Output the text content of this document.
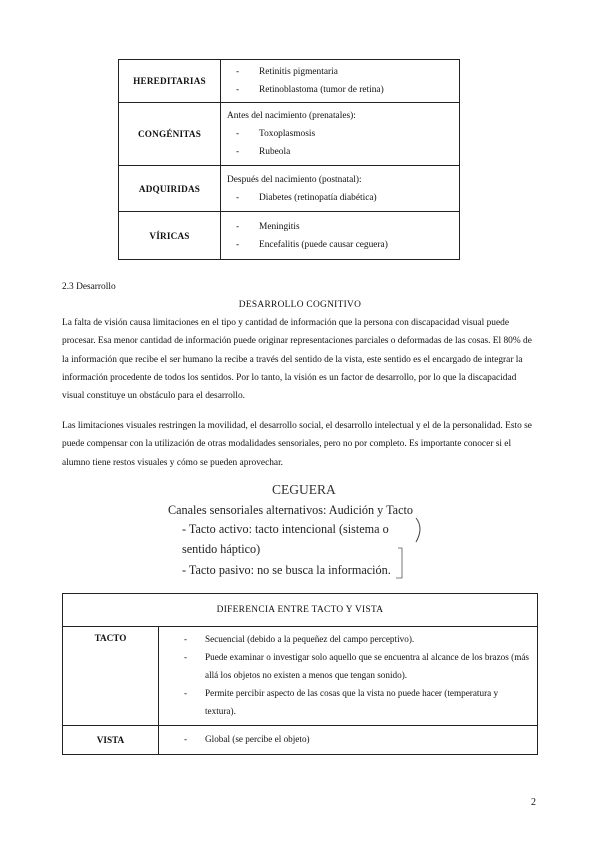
HEREDITARIAS	- Retinitis pigmentaria
- Retinoblastoma (tumor de retina)

CONGÉNITAS	Antes del nacimiento (prenatales):
- Toxoplasmosis
- Rubeola

ADQUIRIDAS	Después del nacimiento (postnatal):
- Diabetes (retinopatía diabética)

VÍRICAS	- Meningitis
- Encefalitis (puede causar ceguera)
2.3 Desarrollo
DESARROLLO COGNITIVO
La falta de visión causa limitaciones en el tipo y cantidad de información que la persona con discapacidad visual puede procesar. Esa menor cantidad de información puede originar representaciones parciales o deformadas de las cosas. El 80% de la información que recibe el ser humano la recibe a través del sentido de la vista, este sentido es el encargado de integrar la información procedente de todos los sentidos. Por lo tanto, la visión es un factor de desarrollo, por lo que la discapacidad visual constituye un obstáculo para el desarrollo.
Las limitaciones visuales restringen la movilidad, el desarrollo social, el desarrollo intelectual y el de la personalidad. Esto se puede compensar con la utilización de otras modalidades sensoriales, pero no por completo. Es importante conocer si el alumno tiene restos visuales y cómo se pueden aprovechar.
CEGUERA
Canales sensoriales alternativos: Audición y Tacto
- Tacto activo: tacto intencional (sistema o
sentido háptico)
- Tacto pasivo: no se busca la información.
DIFERENCIA ENTRE TACTO Y VISTA	
TACTO	- Secuencial (debido a la pequeñez del campo perceptivo).
- Puede examinar o investigar solo aquello que se encuentra al alcance de los brazos (más allá los objetos no existen a menos que tengan sonido).
- Permite percibir aspecto de las cosas que la vista no puede hacer (temperatura y textura).

VISTA	- Global (se percibe el objeto)
2
